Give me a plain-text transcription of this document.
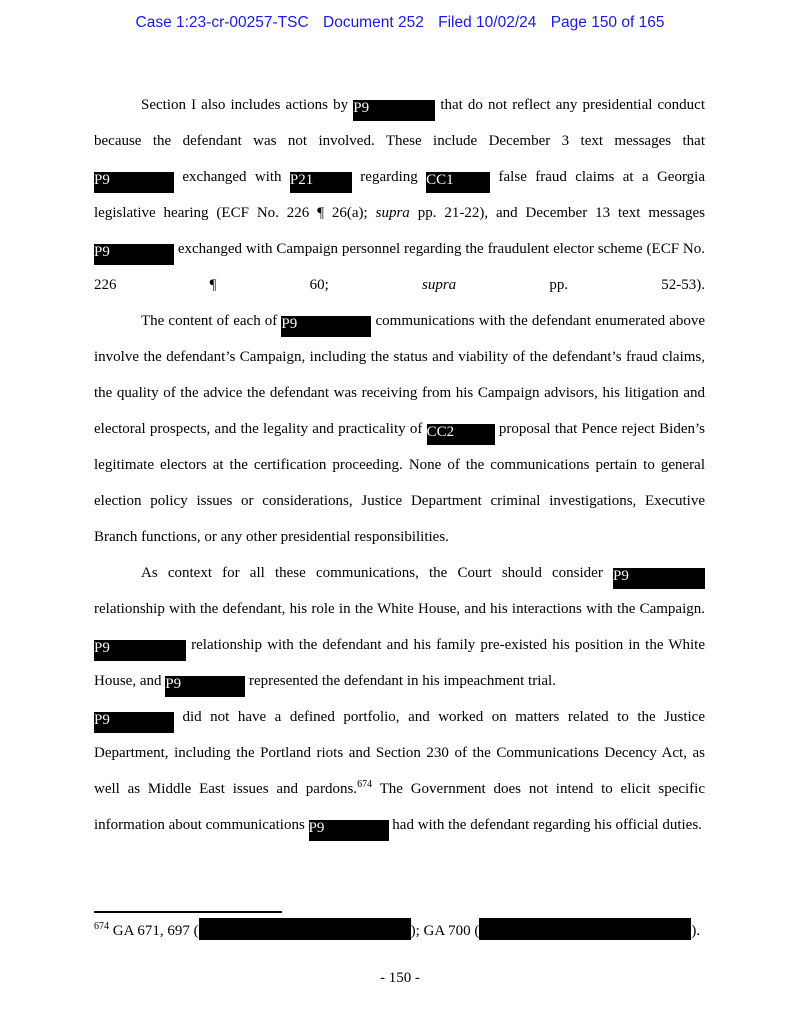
Case 1:23-cr-00257-TSC Document 252 Filed 10/02/24 Page 150 of 165

Section I also includes actions by P9	that do not reflect any presidential conduct because the defendant was not involved. These include December 3 text messages that
P9	exchanged with P21	regarding CC1	false fraud claims at a Georgia legislative hearing (ECF No. 226 ¶ 26(a); supra pp. 21-22), and December 13 text messages
P9	exchanged with Campaign personnel regarding the fraudulent elector scheme (ECF No. 226 ¶ 60;	supra	pp. 52-53).

The content of each of P9	communications with the defendant enumerated above involve the defendant’s Campaign, including the status and viability of the defendant’s fraud claims, the quality of the advice the defendant was receiving from his Campaign advisors, his litigation and electoral prospects, and the legality and practicality of CC2	proposal that Pence reject Biden’s legitimate electors at the certification proceeding. None of the communications pertain to general election policy issues or considerations, Justice Department criminal investigations, Executive Branch functions, or any other presidential responsibilities.

As context for all these communications, the Court should consider P9 relationship with the defendant, his role in the White House, and his interactions with the Campaign. P9	relationship with the defendant and his family pre-existed his position in the White House, and P9	represented the defendant in his impeachment trial.
P9	did not have a defined portfolio, and worked on matters related to the Justice Department, including the Portland riots and Section 230 of the Communications Decency Act, as well as Middle East issues and pardons.$^{674}$ The Government does not intend to elicit specific information about communications P9	had with the defendant regarding his official duties.

$^{674}$ GA 671, 697 (	); GA 700 (	).
- 150 -
